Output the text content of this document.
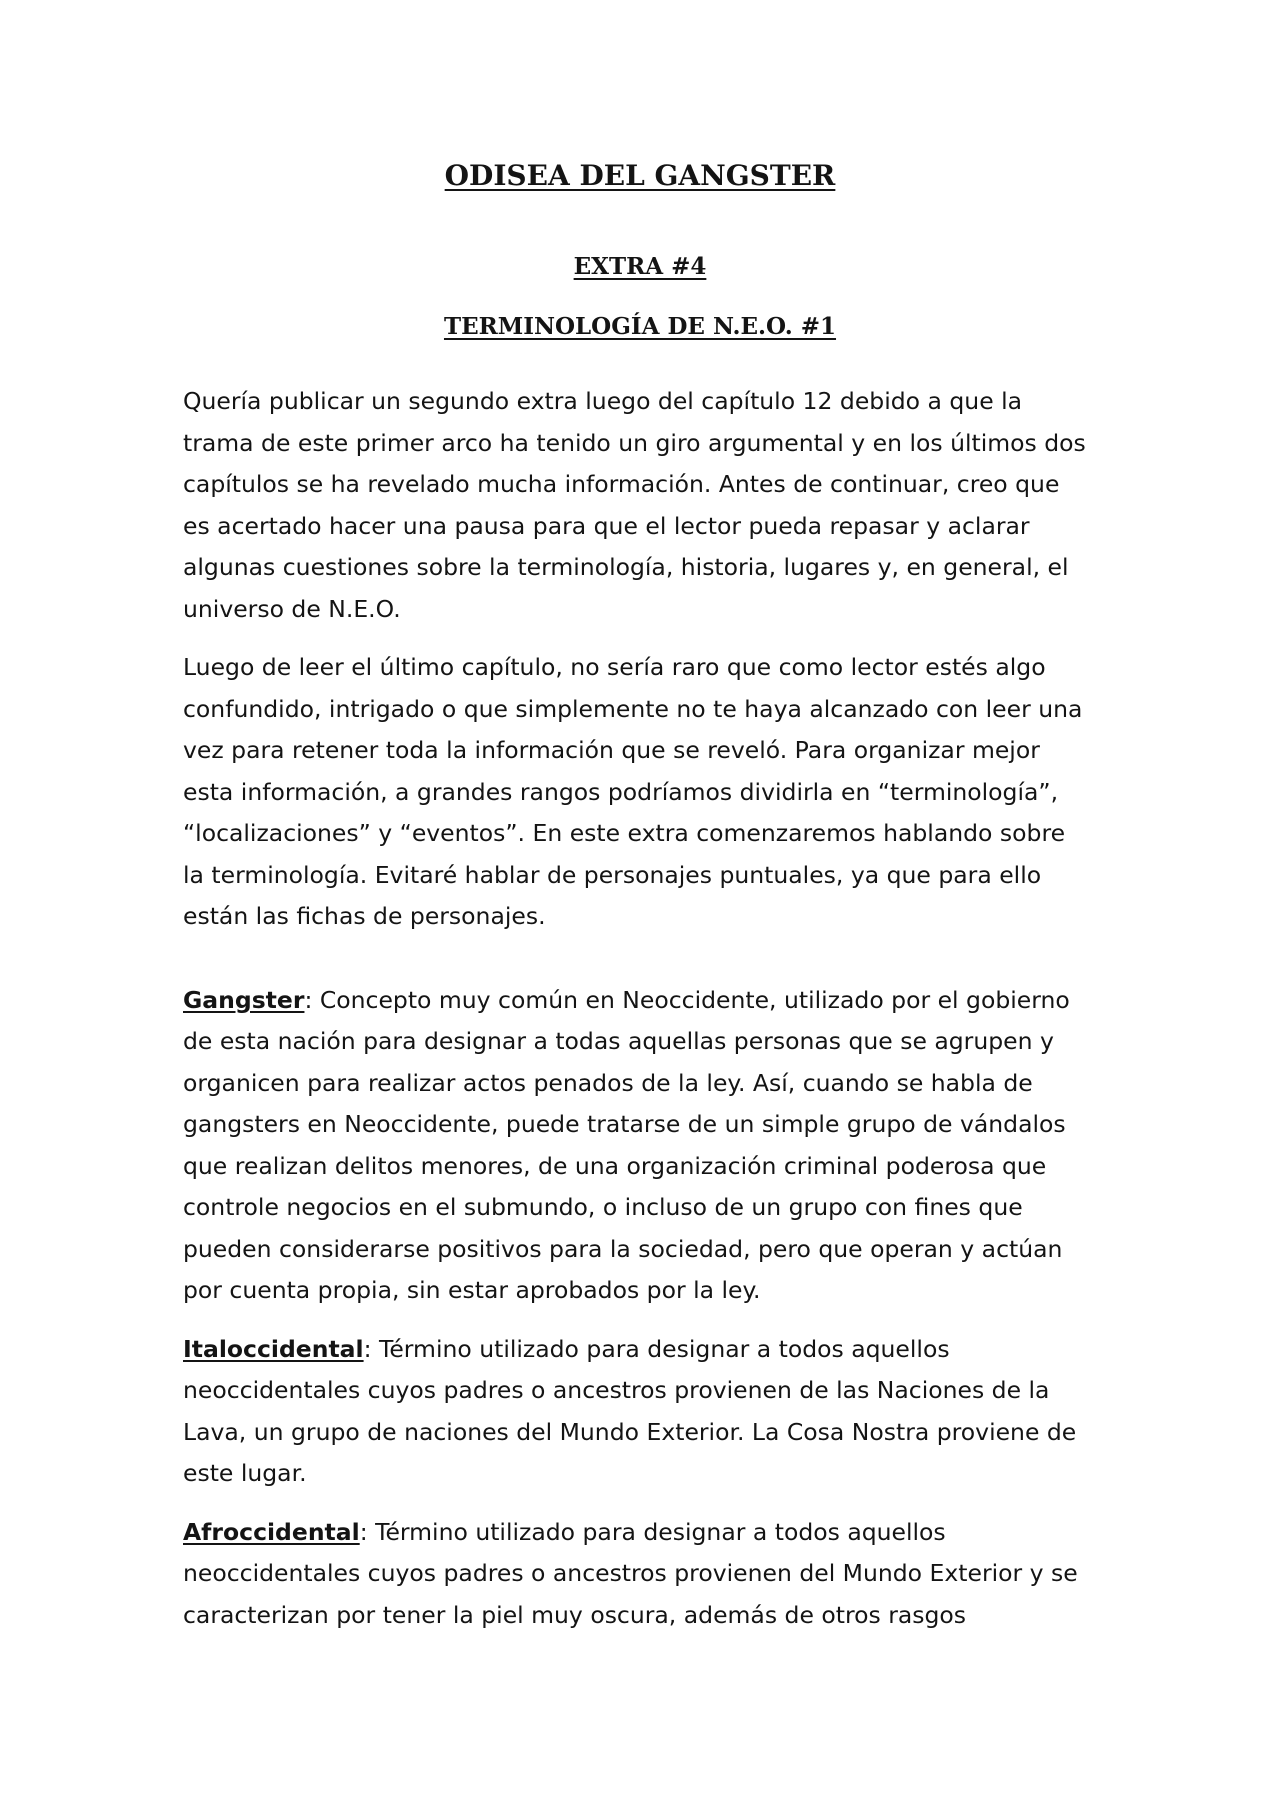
ODISEA DEL GANGSTER
EXTRA #4
TERMINOLOGÍA DE N.E.O. #1

Quería publicar un segundo extra luego del capítulo 12 debido a que la
trama de este primer arco ha tenido un giro argumental y en los últimos dos
capítulos se ha revelado mucha información. Antes de continuar, creo que
es acertado hacer una pausa para que el lector pueda repasar y aclarar
algunas cuestiones sobre la terminología, historia, lugares y, en general, el
universo de N.E.O.

Luego de leer el último capítulo, no sería raro que como lector estés algo
confundido, intrigado o que simplemente no te haya alcanzado con leer una
vez para retener toda la información que se reveló. Para organizar mejor
esta información, a grandes rangos podríamos dividirla en “terminología”,
“localizaciones” y “eventos”. En este extra comenzaremos hablando sobre
la terminología. Evitaré hablar de personajes puntuales, ya que para ello
están las fichas de personajes.

Gangster: Concepto muy común en Neoccidente, utilizado por el gobierno
de esta nación para designar a todas aquellas personas que se agrupen y
organicen para realizar actos penados de la ley. Así, cuando se habla de
gangsters en Neoccidente, puede tratarse de un simple grupo de vándalos
que realizan delitos menores, de una organización criminal poderosa que
controle negocios en el submundo, o incluso de un grupo con fines que
pueden considerarse positivos para la sociedad, pero que operan y actúan
por cuenta propia, sin estar aprobados por la ley.

Italoccidental: Término utilizado para designar a todos aquellos
neoccidentales cuyos padres o ancestros provienen de las Naciones de la
Lava, un grupo de naciones del Mundo Exterior. La Cosa Nostra proviene de
este lugar.

Afroccidental: Término utilizado para designar a todos aquellos
neoccidentales cuyos padres o ancestros provienen del Mundo Exterior y se
caracterizan por tener la piel muy oscura, además de otros rasgos
